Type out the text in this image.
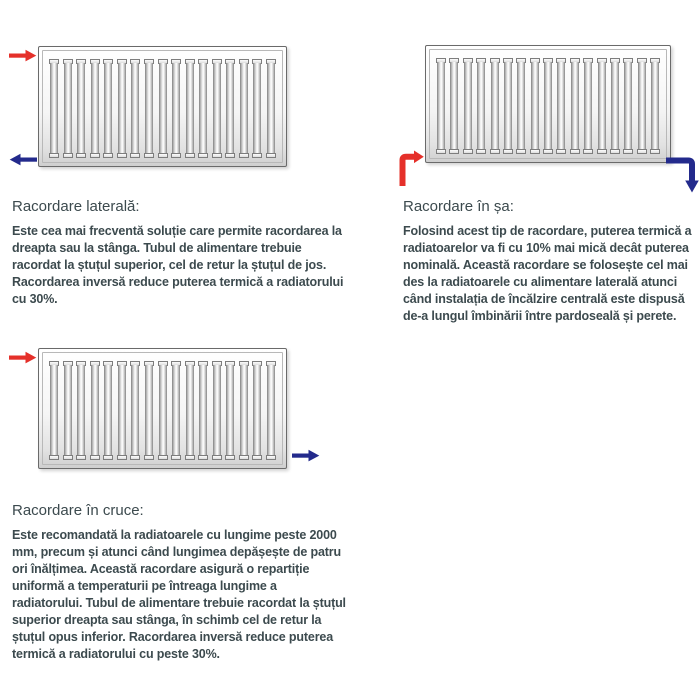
Racordare laterală:

Este cea mai frecventă soluție care permite racordarea la dreapta sau la stânga. Tubul de alimentare trebuie racordat la ștuțul superior, cel de retur la ștuțul de jos. Racordarea inversă reduce puterea termică a radiatorului cu 30%.

Racordare în șa:

Folosind acest tip de racordare, puterea termică a radiatoarelor va fi cu 10% mai mică decât puterea nominală. Această racordare se folosește cel mai des la radiatoarele cu alimentare laterală atunci când instalația de încălzire centrală este dispusă de-a lungul îmbinării între pardoseală și perete.

Racordare în cruce:

Este recomandată la radiatoarele cu lungime peste 2000 mm, precum și atunci când lungimea depășește de patru ori înălțimea. Această racordare asigură o repartiție uniformă a temperaturii pe întreaga lungime a radiatorului. Tubul de alimentare trebuie racordat la ștuțul superior dreapta sau stânga, în schimb cel de retur la ștuțul opus inferior. Racordarea inversă reduce puterea termică a radiatorului cu peste 30%.
